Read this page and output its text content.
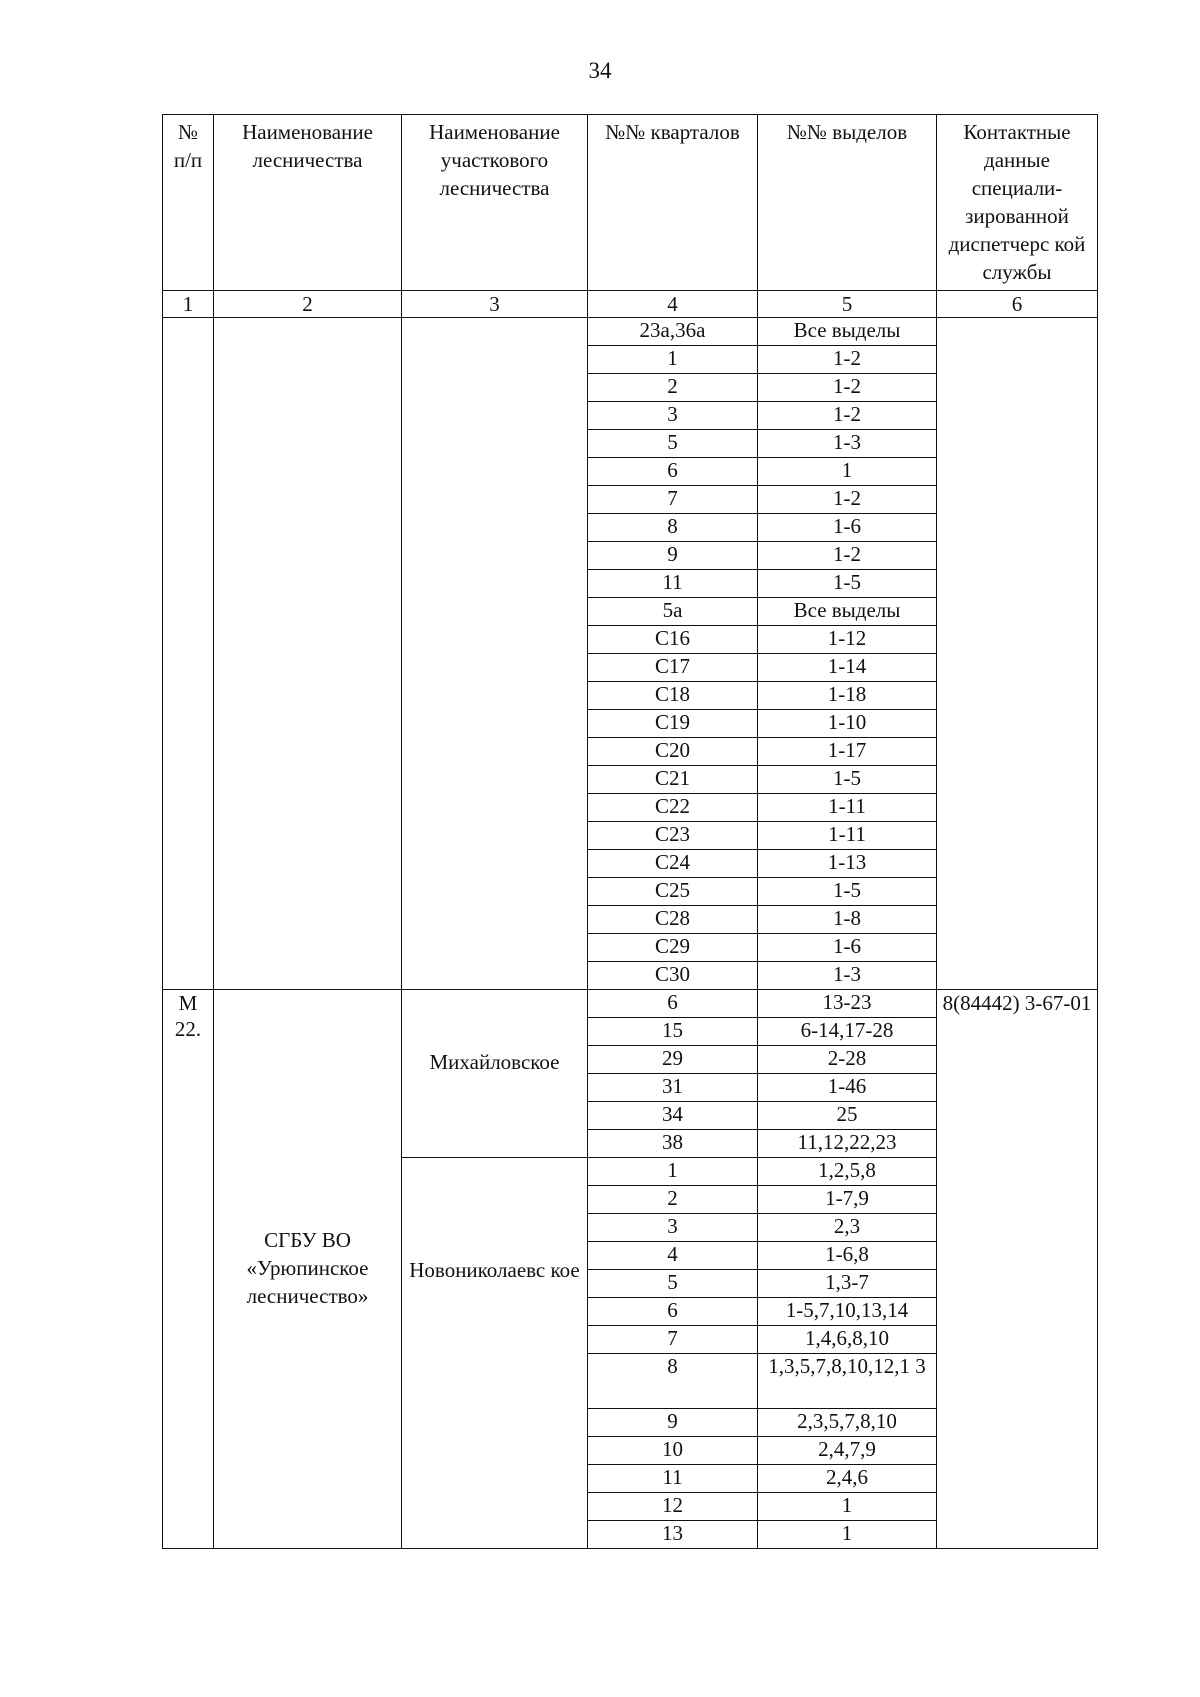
34
№ п/п	Наименование лесничества	Наименование участкового лесничества	№№ кварталов	№№ выделов	Контактные данные специали-зированной диспетчерс кой службы
1	2	3	4	5	6
			23а,36а	Все выделы	
			1	1-2	
			2	1-2	
			3	1-2	
			5	1-3	
			6	1	
			7	1-2	
			8	1-6	
			9	1-2	
			11	1-5	
			5а	Все выделы	
			С16	1-12	
			С17	1-14	
			С18	1-18	
			С19	1-10	
			С20	1-17	
			С21	1-5	
			С22	1-11	
			С23	1-11	
			С24	1-13	
			С25	1-5	
			С28	1-8	
			С29	1-6	
			С30	1-3	
М 22.	СГБУ ВО «Урюпинское лесничество»	Михайловское	6	13-23	8(84442) 3-67-01
			15	6-14,17-28	
			29	2-28	
			31	1-46	
			34	25	
			38	11,12,22,23	
		Новониколаевс кое	1	1,2,5,8	
			2	1-7,9	
			3	2,3	
			4	1-6,8	
			5	1,3-7	
			6	1-5,7,10,13,14	
			7	1,4,6,8,10	
			8	1,3,5,7,8,10,12,1 3	
			9	2,3,5,7,8,10	
			10	2,4,7,9	
			11	2,4,6	
			12	1	
			13	1	
